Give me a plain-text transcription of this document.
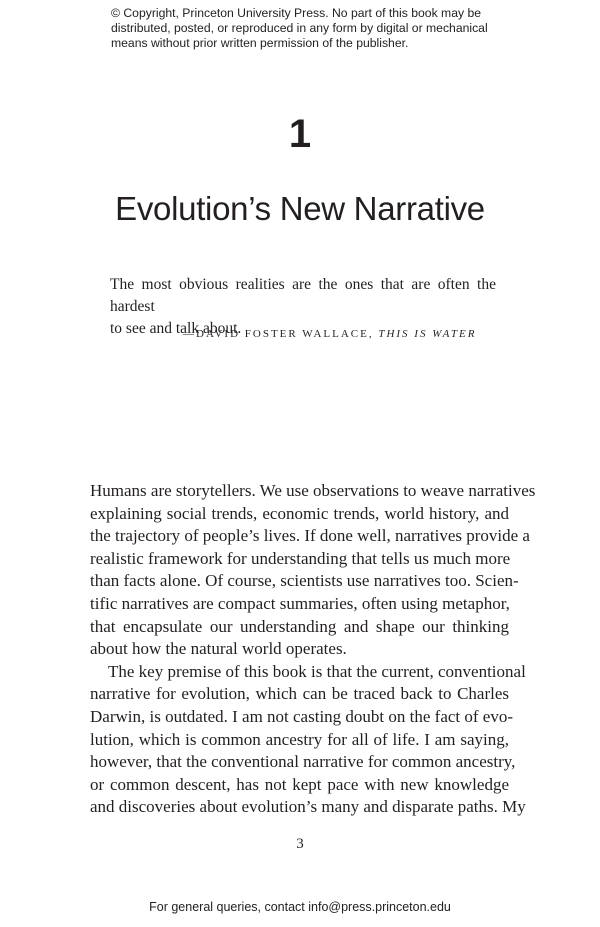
© Copyright, Princeton University Press. No part of this book may be
distributed, posted, or reproduced in any form by digital or mechanical
means without prior written permission of the publisher.
1
Evolution’s New Narrative
The most obvious realities are the ones that are often the hardest
to see and talk about.
—DAVID FOSTER WALLACE, THIS IS WATER
Humans are storytellers. We use observations to weave narratives
explaining social trends, economic trends, world history, and
the trajectory of people’s lives. If done well, narratives provide a
realistic framework for understanding that tells us much more
than facts alone. Of course, scientists use narratives too. Scien-
tific narratives are compact summaries, often using metaphor,
that encapsulate our understanding and shape our thinking
about how the natural world operates.
The key premise of this book is that the current, conventional
narrative for evolution, which can be traced back to Charles
Darwin, is outdated. I am not casting doubt on the fact of evo-
lution, which is common ancestry for all of life. I am saying,
however, that the conventional narrative for common ancestry,
or common descent, has not kept pace with new knowledge
and discoveries about evolution’s many and disparate paths. My
3
For general queries, contact info@press.princeton.edu
